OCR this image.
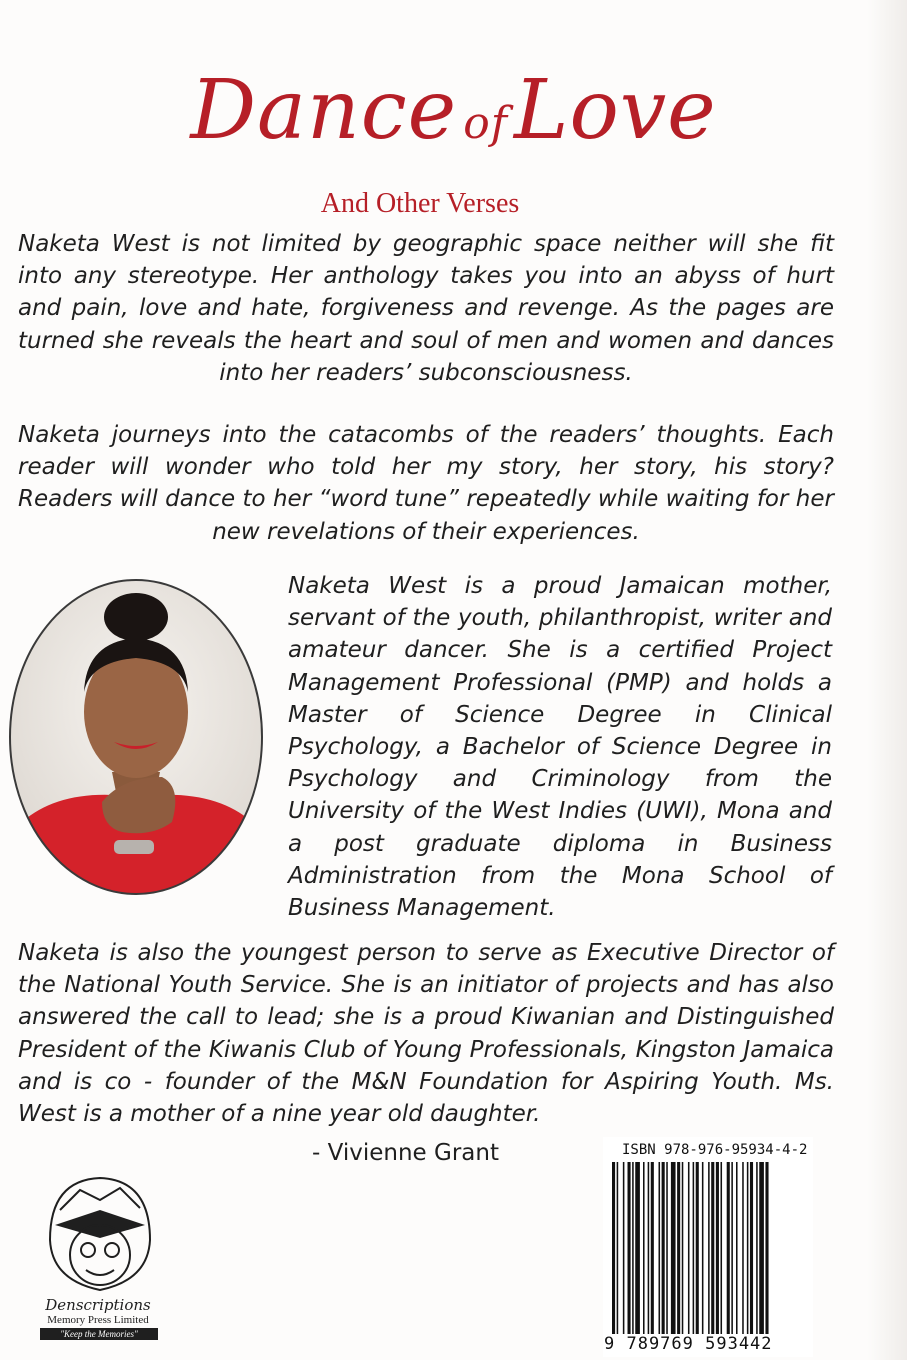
Dance ofLove
And Other Verses

Naketa West is not limited by geographic space neither will she fit into any stereotype. Her anthology takes you into an abyss of hurt and pain, love and hate, forgiveness and revenge. As the pages are turned she reveals the heart and soul of men and women and dances into her readers’ subconsciousness.

Naketa journeys into the catacombs of the readers’ thoughts. Each reader will wonder who told her my story, her story, his story? Readers will dance to her “word tune” repeatedly while waiting for her new revelations of their experiences.

Naketa West is a proud Jamaican mother, servant of the youth, philanthropist, writer and amateur dancer. She is a certified Project Management Professional (PMP) and holds a Master of Science Degree in Clinical Psychology, a Bachelor of Science Degree in Psychology and Criminology from the University of the West Indies (UWI), Mona and a post graduate diploma in Business Administration from the Mona School of Business Management.

Naketa is also the youngest person to serve as Executive Director of the National Youth Service. She is an initiator of projects and has also answered the call to lead; she is a proud Kiwanian and Distinguished President of the Kiwanis Club of Young Professionals, Kingston Jamaica and is co - founder of the M&N Foundation for Aspiring Youth. Ms. West is a mother of a nine year old daughter.

- Vivienne Grant
Denscriptions
Memory Press Limited
"Keep the Memories"
ISBN 978-976-95934-4-2
9 789769 593442
